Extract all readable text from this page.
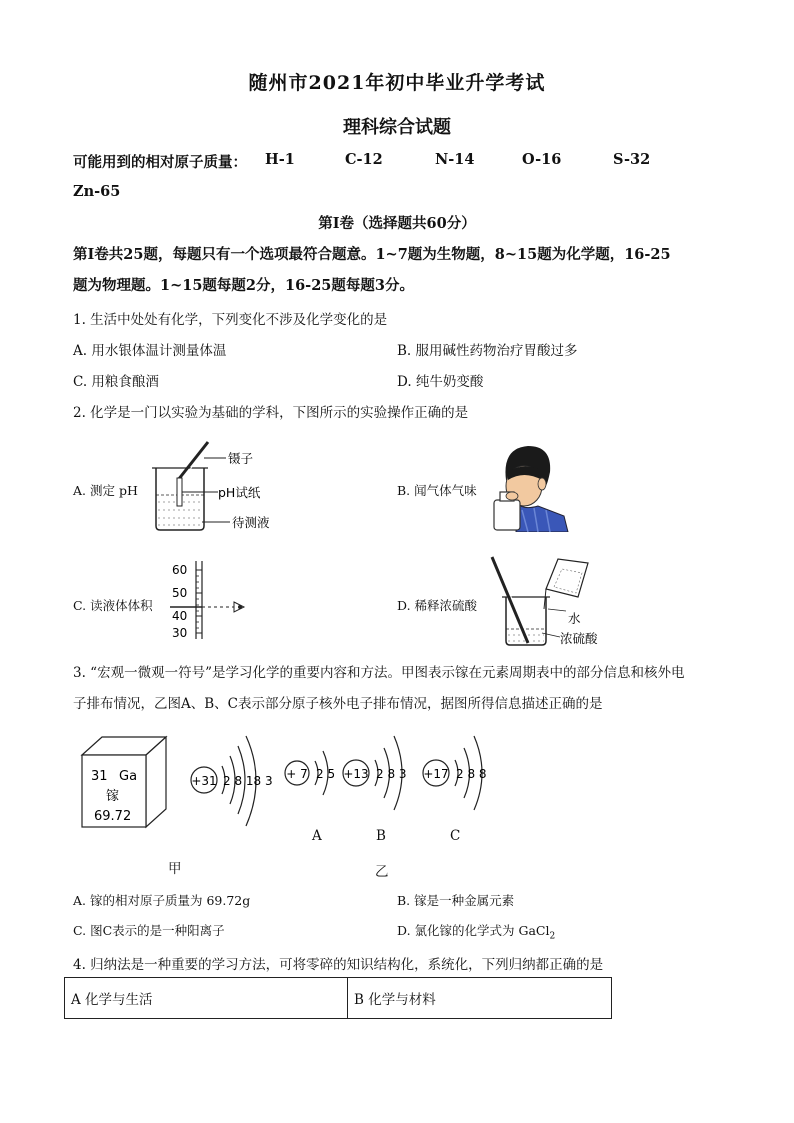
随州市2021年初中毕业升学考试
理科综合试题
可能用到的相对原子质量： H-1	C-12	N-14	O-16	S-32
Zn-65
第Ⅰ卷（选择题共60分）
第Ⅰ卷共25题，每题只有一个选项最符合题意。1~7题为生物题，8~15题为化学题，16-25
题为物理题。1~15题每题2分，16-25题每题3分。
1. 生活中处处有化学，下列变化不涉及化学变化的是
A. 用水银体温计测量体温	B. 服用碱性药物治疗胃酸过多
C. 用粮食酿酒	D. 纯牛奶变酸
2. 化学是一门以实验为基础的学科，下图所示的实验操作正确的是
A. 测定 pH	B. 闻气体气味
C. 读液体体积	D. 稀释浓硫酸
镊子
pH试纸
待测液
60
50
40
30
水
浓硫酸
3. “宏观一微观一符号”是学习化学的重要内容和方法。甲图表示镓在元素周期表中的部分信息和核外电
子排布情况，乙图A、B、C表示部分原子核外电子排布情况，据图所得信息描述正确的是
31 Ga
镓
69.72
+31 2 8 18 3 + 7 2 5 +13 2 8 3 +17 2 8 8
A	B	C
甲	乙
A. 镓的相对原子质量为 69.72g	B. 镓是一种金属元素
C. 图C表示的是一种阳离子	D. 氯化镓的化学式为 GaCl$_2$
4. 归纳法是一种重要的学习方法，可将零碎的知识结构化，系统化，下列归纳都正确的是
A 化学与生活	B 化学与材料
